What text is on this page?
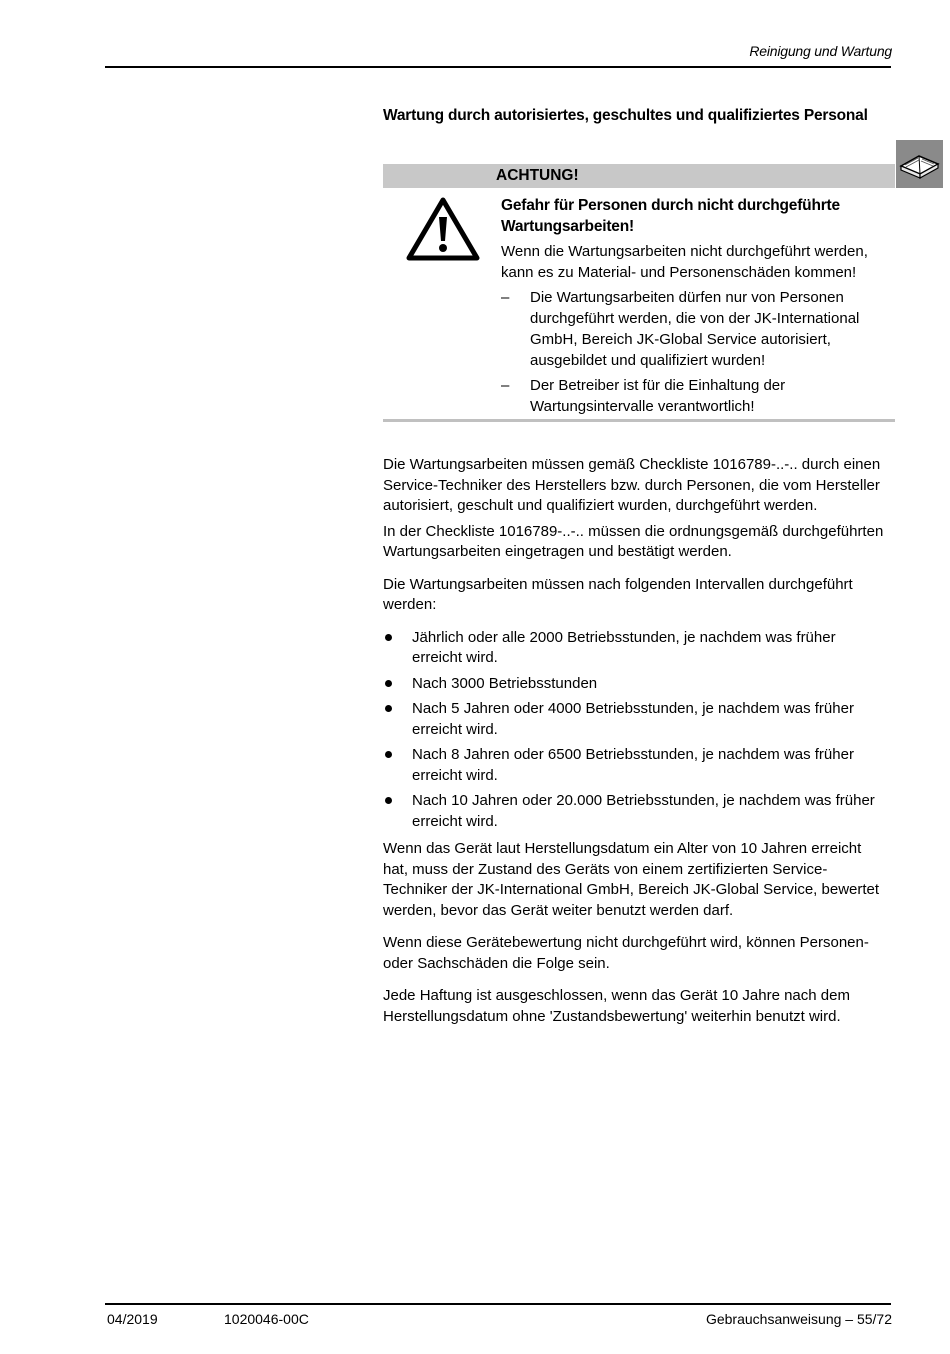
Reinigung und Wartung
Wartung durch autorisiertes, geschultes und qualifiziertes Personal
ACHTUNG!

Gefahr für Personen durch nicht durchgeführte Wartungsarbeiten!

Wenn die Wartungsarbeiten nicht durchgeführt werden, kann es zu Material- und Personenschäden kommen!

– Die Wartungsarbeiten dürfen nur von Personen durchgeführt werden, die von der JK-International GmbH, Bereich JK-Global Service autorisiert, ausgebildet und qualifiziert wurden!
– Der Betreiber ist für die Einhaltung der Wartungsintervalle verantwortlich!

Die Wartungsarbeiten müssen gemäß Checkliste 1016789-..-.. durch einen Service-Techniker des Herstellers bzw. durch Personen, die vom Hersteller autorisiert, geschult und qualifiziert wurden, durchgeführt werden.

In der Checkliste 1016789-..-.. müssen die ordnungsgemäß durchgeführten Wartungsarbeiten eingetragen und bestätigt werden.

Die Wartungsarbeiten müssen nach folgenden Intervallen durchgeführt werden:

Jährlich oder alle 2000 Betriebsstunden, je nachdem was früher erreicht wird.
Nach 3000 Betriebsstunden
Nach 5 Jahren oder 4000 Betriebsstunden, je nachdem was früher erreicht wird.
Nach 8 Jahren oder 6500 Betriebsstunden, je nachdem was früher erreicht wird.
Nach 10 Jahren oder 20.000 Betriebsstunden, je nachdem was früher erreicht wird.

Wenn das Gerät laut Herstellungsdatum ein Alter von 10 Jahren erreicht hat, muss der Zustand des Geräts von einem zertifizierten Service-Techniker der JK-International GmbH, Bereich JK-Global Service, bewertet werden, bevor das Gerät weiter benutzt werden darf.

Wenn diese Gerätebewertung nicht durchgeführt wird, können Personen- oder Sachschäden die Folge sein.

Jede Haftung ist ausgeschlossen, wenn das Gerät 10 Jahre nach dem Herstellungsdatum ohne 'Zustandsbewertung' weiterhin benutzt wird.

04/2019	1020046-00C	Gebrauchsanweisung – 55/72
